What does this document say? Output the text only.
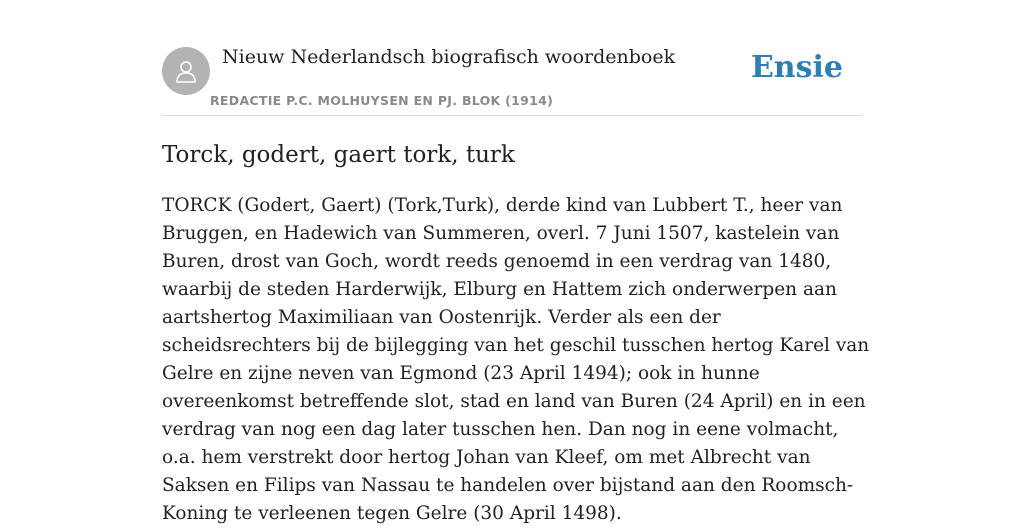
Nieuw Nederlandsch biografisch woordenboek
REDACTIE P.C. MOLHUYSEN EN PJ. BLOK (1914)
Ensie
Torck, godert, gaert tork, turk

TORCK (Godert, Gaert) (Tork,Turk), derde kind van Lubbert T., heer van Bruggen, en Hadewich van Summeren, overl. 7 Juni 1507, kastelein van Buren, drost van Goch, wordt reeds genoemd in een verdrag van 1480, waarbij de steden Harderwijk, Elburg en Hattem zich onderwerpen aan aartshertog Maximiliaan van Oostenrijk. Verder als een der scheidsrechters bij de bijlegging van het geschil tusschen hertog Karel van Gelre en zijne neven van Egmond (23 April 1494); ook in hunne overeenkomst betreffende slot, stad en land van Buren (24 April) en in een verdrag van nog een dag later tusschen hen. Dan nog in eene volmacht, o.a. hem verstrekt door hertog Johan van Kleef, om met Albrecht van Saksen en Filips van Nassau te handelen over bijstand aan den Roomsch-Koning te verleenen tegen Gelre (30 April 1498).
